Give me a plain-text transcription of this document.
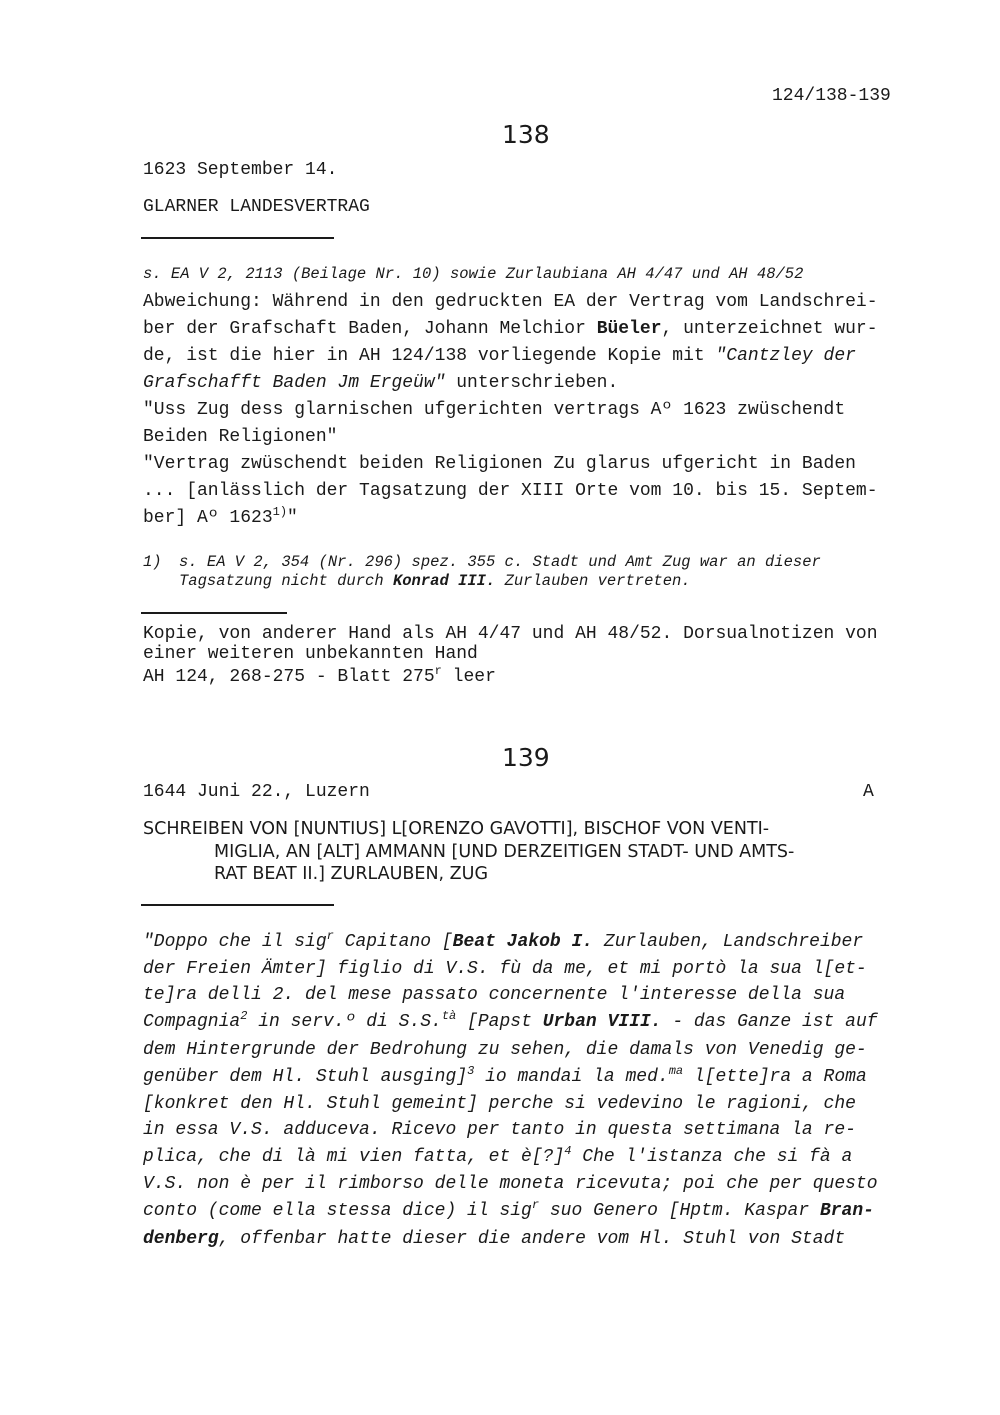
124/138-139
138
1623 September 14.
GLARNER LANDESVERTRAG
s. EA V 2, 2113 (Beilage Nr. 10) sowie Zurlaubiana AH 4/47 und AH 48/52
Abweichung: Während in den gedruckten EA der Vertrag vom Landschrei-
ber der Grafschaft Baden, Johann Melchior Büeler, unterzeichnet wur-
de, ist die hier in AH 124/138 vorliegende Kopie mit "Cantzley der
Grafschafft Baden Jm Ergeüw" unterschrieben.
"Uss Zug dess glarnischen ufgerichten vertrags Aº 1623 zwüschendt
Beiden Religionen"
"Vertrag zwüschendt beiden Religionen Zu glarus ufgericht in Baden
... [anlässlich der Tagsatzung der XIII Orte vom 10. bis 15. Septem-
ber] Aº 1623$^{1)}$"
1) s. EA V 2, 354 (Nr. 296) spez. 355 c. Stadt und Amt Zug war an dieser
Tagsatzung nicht durch Konrad III. Zurlauben vertreten.
Kopie, von anderer Hand als AH 4/47 und AH 48/52. Dorsualnotizen von
einer weiteren unbekannten Hand
AH 124, 268-275 - Blatt 275$^r$ leer
139
1644 Juni 22., Luzern	A
SCHREIBEN VON [NUNTIUS] L[ORENZO GAVOTTI], BISCHOF VON VENTI-
MIGLIA, AN [ALT] AMMANN [UND DERZEITIGEN STADT- UND AMTS-
RAT BEAT II.] ZURLAUBEN, ZUG
"Doppo che il sig$^r$ Capitano [Beat Jakob I. Zurlauben, Landschreiber
der Freien Ämter] figlio di V.S. fù da me, et mi portò la sua l[et-
te]ra delli 2. del mese passato concernente l'interesse della sua
Compagnia$^2$ in serv.º di S.S.$^{tà}$ [Papst Urban VIII. - das Ganze ist auf
dem Hintergrunde der Bedrohung zu sehen, die damals von Venedig ge-
genüber dem Hl. Stuhl ausging]$^3$ io mandai la med.$^{ma}$ l[ette]ra a Roma
[konkret den Hl. Stuhl gemeint] perche si vedevino le ragioni, che
in essa V.S. adduceva. Ricevo per tanto in questa settimana la re-
plica, che di là mi vien fatta, et è[?]$^4$ Che l'istanza che si fà a
V.S. non è per il rimborso delle moneta ricevuta; poi che per questo
conto (come ella stessa dice) il sig$^r$ suo Genero [Hptm. Kaspar Bran-
denberg, offenbar hatte dieser die andere vom Hl. Stuhl von Stadt
